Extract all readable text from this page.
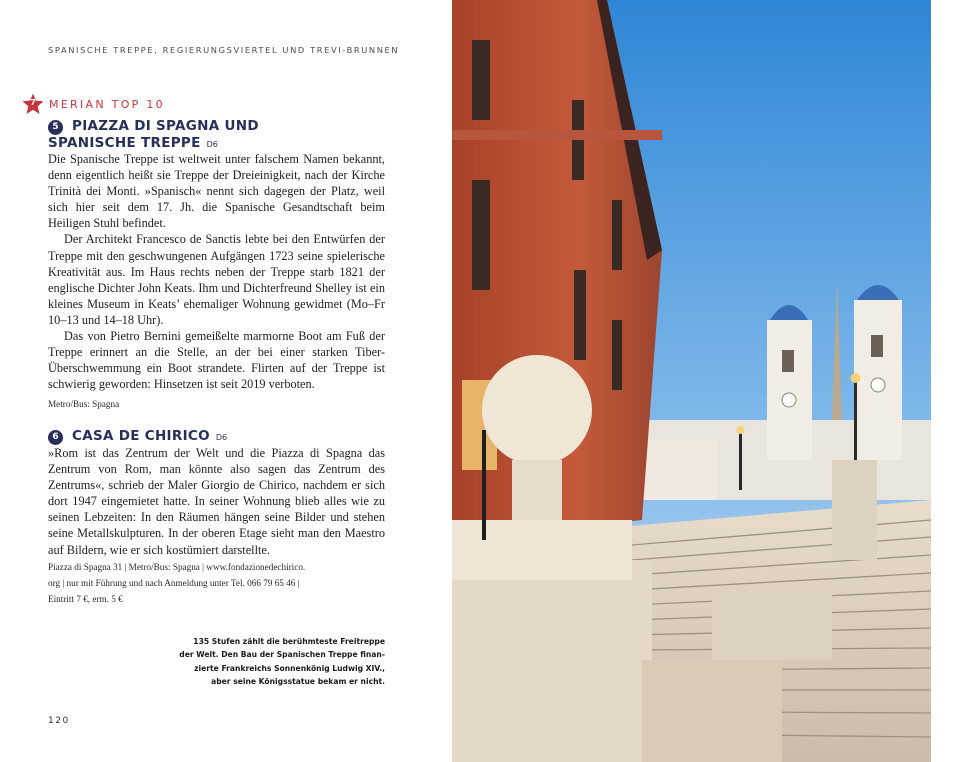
SPANISCHE TREPPE, REGIERUNGSVIERTEL UND TREVI-BRUNNEN
7	MERIAN TOP 10
5 PIAZZA DI SPAGNA UND
SPANISCHE TREPPE D6

Die Spanische Treppe ist weltweit unter falschem Namen bekannt, denn eigentlich heißt sie Treppe der Dreieinigkeit, nach der Kirche Trinità dei Monti. »Spanisch« nennt sich dagegen der Platz, weil sich hier seit dem 17. Jh. die Spanische Gesandtschaft beim Heiligen Stuhl befindet.

Der Architekt Francesco de Sanctis lebte bei den Entwürfen der Treppe mit den geschwungenen Aufgängen 1723 seine spielerische Kreativität aus. Im Haus rechts neben der Treppe starb 1821 der englische Dichter John Keats. Ihm und Dichterfreund Shelley ist ein kleines Museum in Keats’ ehemaliger Wohnung gewidmet (Mo–Fr 10–13 und 14–18 Uhr).

Das von Pietro Bernini gemeißelte marmorne Boot am Fuß der Treppe erinnert an die Stelle, an der bei einer starken Tiber-Überschwemmung ein Boot strandete. Flirten auf der Treppe ist schwierig geworden: Hinsetzen ist seit 2019 verboten.

Metro/Bus: Spagna
6 CASA DE CHIRICO D6

»Rom ist das Zentrum der Welt und die Piazza di Spagna das Zentrum von Rom, man könnte also sagen das Zentrum des Zentrums«, schrieb der Maler Giorgio de Chirico, nachdem er sich dort 1947 eingemietet hatte. In seiner Wohnung blieb alles wie zu seinen Lebzeiten: In den Räumen hängen seine Bilder und stehen seine Metallskulpturen. In der oberen Etage sieht man den Maestro auf Bildern, wie er sich kostümiert darstellte.

Piazza di Spagna 31 | Metro/Bus: Spagna | www.fondazionedechirico.
org | nur mit Führung und nach Anmeldung unter Tel. 066 79 65 46 |
Eintritt 7 €, erm. 5 €
135 Stufen zählt die berühmteste Freitreppe
der Welt. Den Bau der Spanischen Treppe finan-
zierte Frankreichs Sonnenkönig Ludwig XIV.,
aber seine Königsstatue bekam er nicht.
120
